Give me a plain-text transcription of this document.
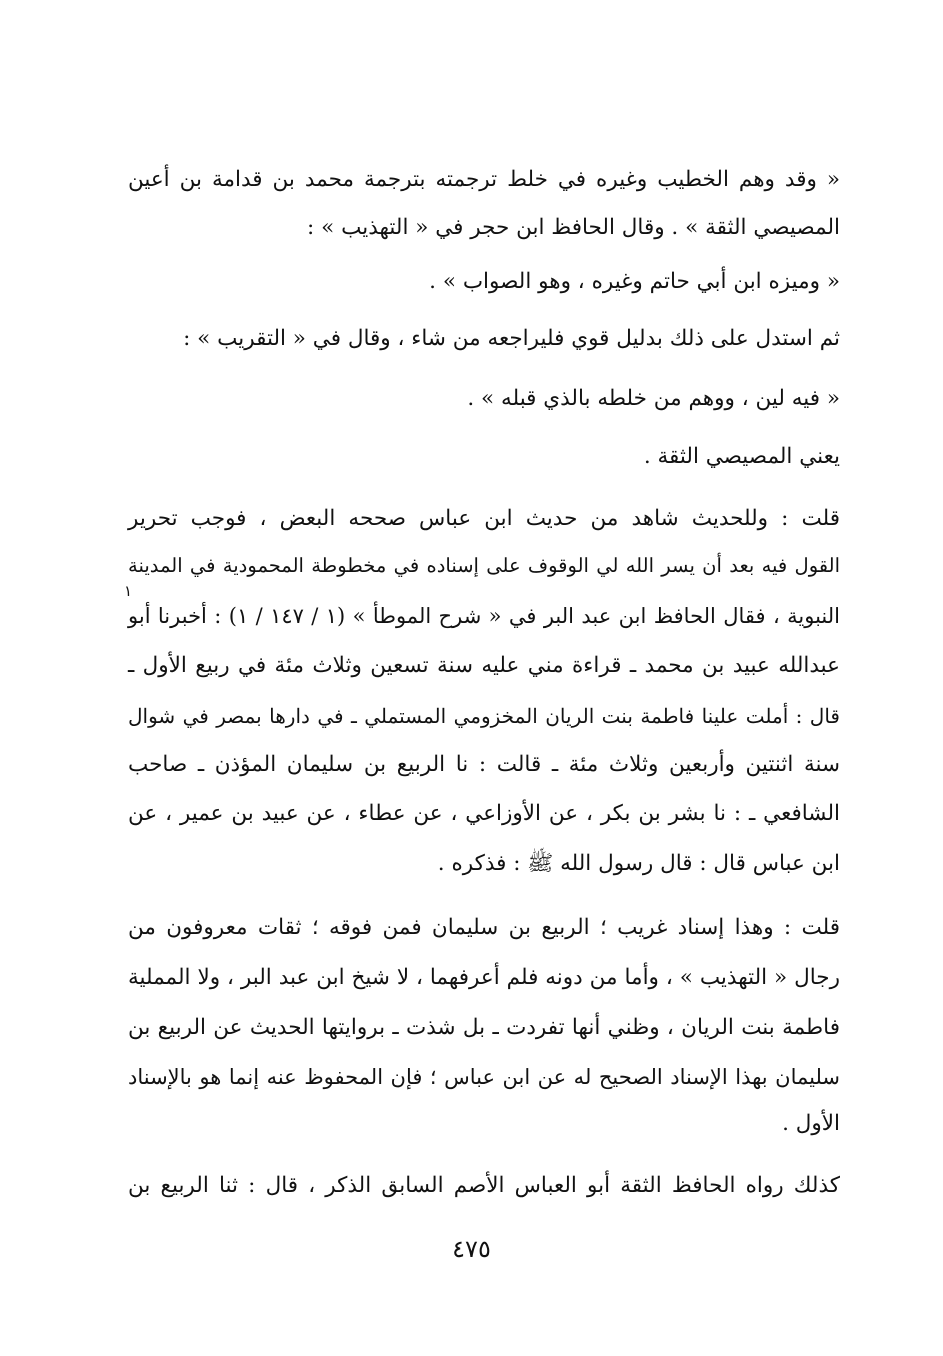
« وقد وهم الخطيب وغيره في خلط ترجمته بترجمة محمد بن قدامة بن أعين
المصيصي الثقة » . وقال الحافظ ابن حجر في « التهذيب » :
« وميزه ابن أبي حاتم وغيره ، وهو الصواب » .
ثم استدل على ذلك بدليل قوي فليراجعه من شاء ، وقال في « التقريب » :
« فيه لين ، ووهم من خلطه بالذي قبله » .
يعني المصيصي الثقة .
قلت : وللحديث شاهد من حديث ابن عباس صححه البعض ، فوجب تحرير
القول فيه بعد أن يسر الله لي الوقوف على إسناده في مخطوطة المحمودية في المدينة
النبوية ، فقال الحافظ ابن عبد البر في « شرح الموطأ » (١ / ١٤٧ / ١) : أخبرنا أبو
عبدالله عبيد بن محمد ـ قراءة مني عليه سنة تسعين وثلاث مئة في ربيع الأول ـ
قال : أملت علينا فاطمة بنت الريان المخزومي المستملي ـ في دارها بمصر في شوال
سنة اثنتين وأربعين وثلاث مئة ـ قالت : نا الربيع بن سليمان المؤذن ـ صاحب
الشافعي ـ : نا بشر بن بكر ، عن الأوزاعي ، عن عطاء ، عن عبيد بن عمير ، عن
ابن عباس قال : قال رسول الله ﷺ : فذكره .
قلت : وهذا إسناد غريب ؛ الربيع بن سليمان فمن فوقه ؛ ثقات معروفون من
رجال « التهذيب » ، وأما من دونه فلم أعرفهما ، لا شيخ ابن عبد البر ، ولا المملية
فاطمة بنت الريان ، وظني أنها تفردت ـ بل شذت ـ بروايتها الحديث عن الربيع بن
سليمان بهذا الإسناد الصحيح له عن ابن عباس ؛ فإن المحفوظ عنه إنما هو بالإسناد
الأول .
كذلك رواه الحافظ الثقة أبو العباس الأصم السابق الذكر ، قال : ثنا الربيع بن
١
٤٧٥
